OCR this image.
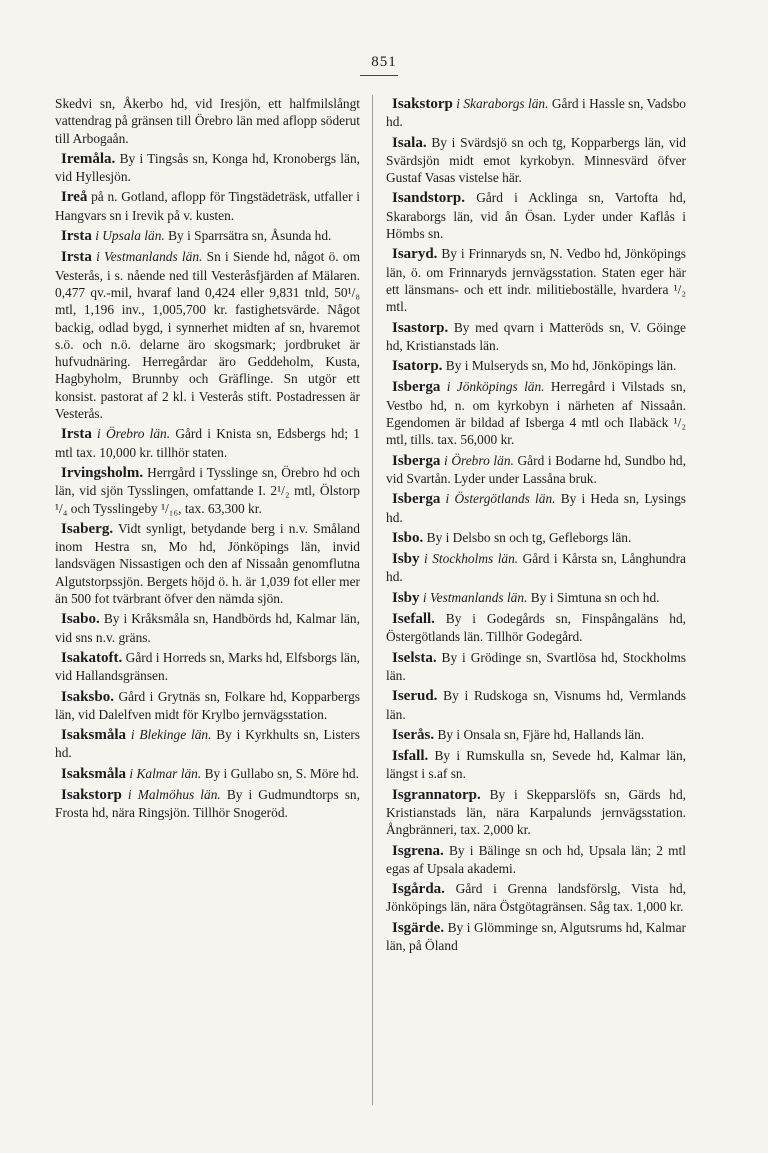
851

Skedvi sn, Åkerbo hd, vid Iresjön, ett halfmilslångt vattendrag på gränsen till Örebro län med aflopp söderut till Arbogaån.

Iremåla. By i Tingsås sn, Konga hd, Kronobergs län, vid Hyllesjön.

Ireå på n. Gotland, aflopp för Tingstädeträsk, utfaller i Hangvars sn i Irevik på v. kusten.

Irsta i Upsala län. By i Sparrsätra sn, Åsunda hd.

Irsta i Vestmanlands län. Sn i Siende hd, något ö. om Vesterås, i s. nående ned till Vesteråsfjärden af Mälaren. 0,477 qv.-mil, hvaraf land 0,424 eller 9,831 tnld, 50¹/₈ mtl, 1,196 inv., 1,005,700 kr. fastighetsvärde. Något backig, odlad bygd, i synnerhet midten af sn, hvaremot s.ö. och n.ö. delarne äro skogsmark; jordbruket är hufvudnäring. Herregårdar äro Geddeholm, Kusta, Hagbyholm, Brunnby och Gräflinge. Sn utgör ett konsist. pastorat af 2 kl. i Vesterås stift. Postadressen är Vesterås.

Irsta i Örebro län. Gård i Knista sn, Edsbergs hd; 1 mtl tax. 10,000 kr. tillhör staten.

Irvingsholm. Herrgård i Tysslinge sn, Örebro hd och län, vid sjön Tysslingen, omfattande I. 2¹/₂ mtl, Ölstorp ¹/₄ och Tysslingeby ¹/₁₆, tax. 63,300 kr.

Isaberg. Vidt synligt, betydande berg i n.v. Småland inom Hestra sn, Mo hd, Jönköpings län, invid landsvägen Nissastigen och den af Nissaån genomflutna Algutstorpssjön. Bergets höjd ö. h. är 1,039 fot eller mer än 500 fot tvärbrant öfver den nämda sjön.

Isabo. By i Kråksmåla sn, Handbörds hd, Kalmar län, vid sns n.v. gräns.

Isakatoft. Gård i Horreds sn, Marks hd, Elfsborgs län, vid Hallandsgränsen.

Isaksbo. Gård i Grytnäs sn, Folkare hd, Kopparbergs län, vid Dalelfven midt för Krylbo jernvägsstation.

Isaksmåla i Blekinge län. By i Kyrkhults sn, Listers hd.

Isaksmåla i Kalmar län. By i Gullabo sn, S. Möre hd.

Isakstorp i Malmöhus län. By i Gudmundtorps sn, Frosta hd, nära Ringsjön. Tillhör Snogeröd.

Isakstorp i Skaraborgs län. Gård i Hassle sn, Vadsbo hd.

Isala. By i Svärdsjö sn och tg, Kopparbergs län, vid Svärdsjön midt emot kyrkobyn. Minnesvärd öfver Gustaf Vasas vistelse här.

Isandstorp. Gård i Acklinga sn, Vartofta hd, Skaraborgs län, vid ån Ösan. Lyder under Kaflås i Hömbs sn.

Isaryd. By i Frinnaryds sn, N. Vedbo hd, Jönköpings län, ö. om Frinnaryds jernvägsstation. Staten eger här ett länsmans- och ett indr. militieboställe, hvardera ¹/₂ mtl.

Isastorp. By med qvarn i Matteröds sn, V. Göinge hd, Kristianstads län.

Isatorp. By i Mulseryds sn, Mo hd, Jönköpings län.

Isberga i Jönköpings län. Herregård i Vilstads sn, Vestbo hd, n. om kyrkobyn i närheten af Nissaån. Egendomen är bildad af Isberga 4 mtl och Ilabäck ¹/₂ mtl, tills. tax. 56,000 kr.

Isberga i Örebro län. Gård i Bodarne hd, Sundbo hd, vid Svartån. Lyder under Lassåna bruk.

Isberga i Östergötlands län. By i Heda sn, Lysings hd.

Isbo. By i Delsbo sn och tg, Gefleborgs län.

Isby i Stockholms län. Gård i Kårsta sn, Långhundra hd.

Isby i Vestmanlands län. By i Simtuna sn och hd.

Isefall. By i Godegårds sn, Finspångaläns hd, Östergötlands län. Tillhör Godegård.

Iselsta. By i Grödinge sn, Svartlösa hd, Stockholms län.

Iserud. By i Rudskoga sn, Visnums hd, Vermlands län.

Iserås. By i Onsala sn, Fjäre hd, Hallands län.

Isfall. By i Rumskulla sn, Sevede hd, Kalmar län, längst i s.af sn.

Isgrannatorp. By i Skepparslöfs sn, Gärds hd, Kristianstads län, nära Karpalunds jernvägsstation. Ångbränneri, tax. 2,000 kr.

Isgrena. By i Bälinge sn och hd, Upsala län; 2 mtl egas af Upsala akademi.

Isgårda. Gård i Grenna landsförslg, Vista hd, Jönköpings län, nära Östgötagränsen. Såg tax. 1,000 kr.

Isgärde. By i Glömminge sn, Algutsrums hd, Kalmar län, på Öland
